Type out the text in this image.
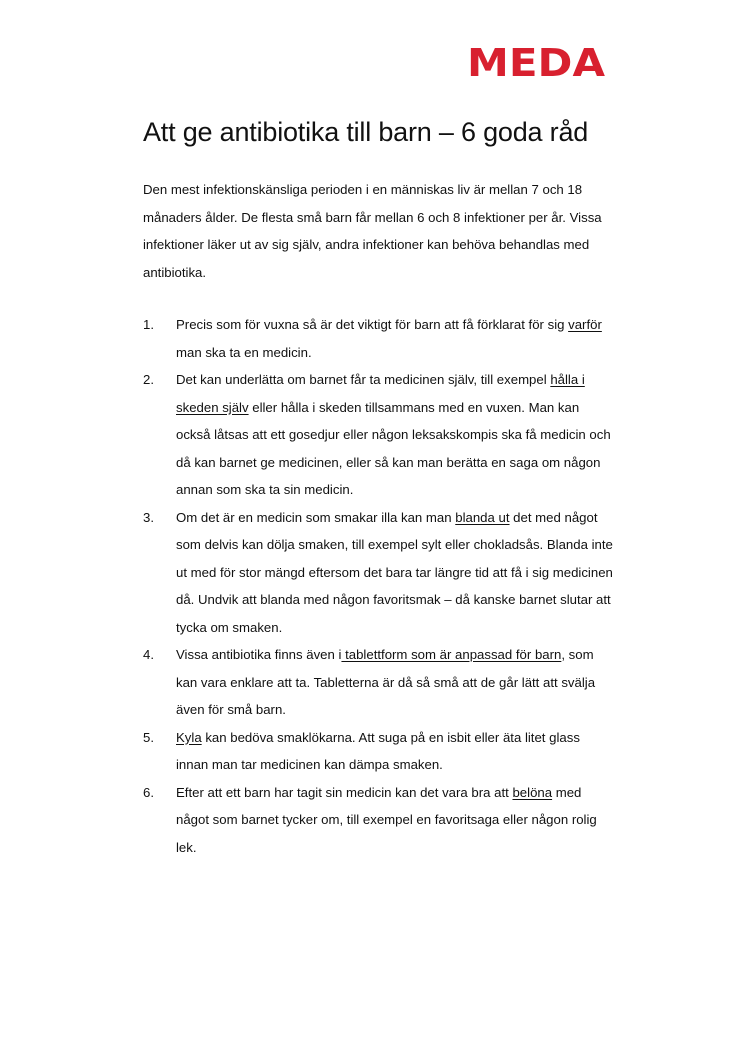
MEDA
Att ge antibiotika till barn – 6 goda råd

Den mest infektionskänsliga perioden i en människas liv är mellan 7 och 18 månaders ålder. De flesta små barn får mellan 6 och 8 infektioner per år. Vissa infektioner läker ut av sig själv, andra infektioner kan behöva behandlas med antibiotika.

1. Precis som för vuxna så är det viktigt för barn att få förklarat för sig varför man ska ta en medicin.
2. Det kan underlätta om barnet får ta medicinen själv, till exempel hålla i skeden själv eller hålla i skeden tillsammans med en vuxen. Man kan också låtsas att ett gosedjur eller någon leksakskompis ska få medicin och då kan barnet ge medicinen, eller så kan man berätta en saga om någon annan som ska ta sin medicin.
3. Om det är en medicin som smakar illa kan man blanda ut det med något som delvis kan dölja smaken, till exempel sylt eller chokladsås. Blanda inte ut med för stor mängd eftersom det bara tar längre tid att få i sig medicinen då. Undvik att blanda med någon favoritsmak – då kanske barnet slutar att tycka om smaken.
4. Vissa antibiotika finns även i tablettform som är anpassad för barn, som kan vara enklare att ta. Tabletterna är då så små att de går lätt att svälja även för små barn.
5. Kyla kan bedöva smaklökarna. Att suga på en isbit eller äta litet glass innan man tar medicinen kan dämpa smaken.
6. Efter att ett barn har tagit sin medicin kan det vara bra att belöna med något som barnet tycker om, till exempel en favoritsaga eller någon rolig lek.
